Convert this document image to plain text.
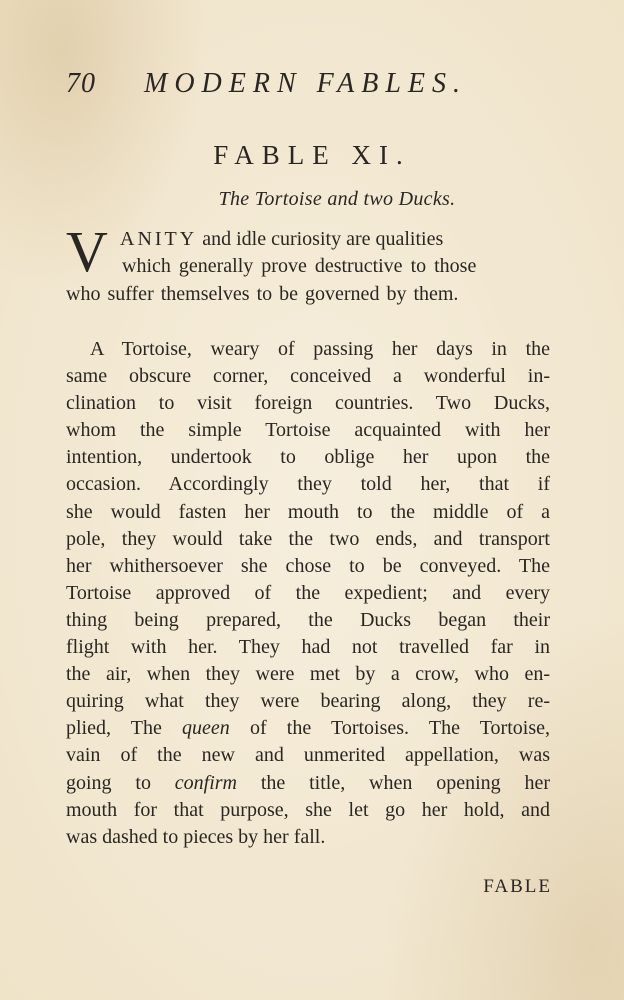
70 MODERN FABLES.
FABLE XI.
The Tortoise and two Ducks.
V ANITY and idle curiosity are qualities
which generally prove destructive to those
who suffer themselves to be governed by them.
A Tortoise, weary of passing her days in the
same obscure corner, conceived a wonderful in-
clination to visit foreign countries. Two Ducks,
whom the simple Tortoise acquainted with her
intention, undertook to oblige her upon the
occasion. Accordingly they told her, that if
she would fasten her mouth to the middle of a
pole, they would take the two ends, and transport
her whithersoever she chose to be conveyed. The
Tortoise approved of the expedient; and every
thing being prepared, the Ducks began their
flight with her. They had not travelled far in
the air, when they were met by a crow, who en-
quiring what they were bearing along, they re-
plied, The queen of the Tortoises. The Tortoise,
vain of the new and unmerited appellation, was
going to confirm the title, when opening her
mouth for that purpose, she let go her hold, and
was dashed to pieces by her fall.
FABLE
